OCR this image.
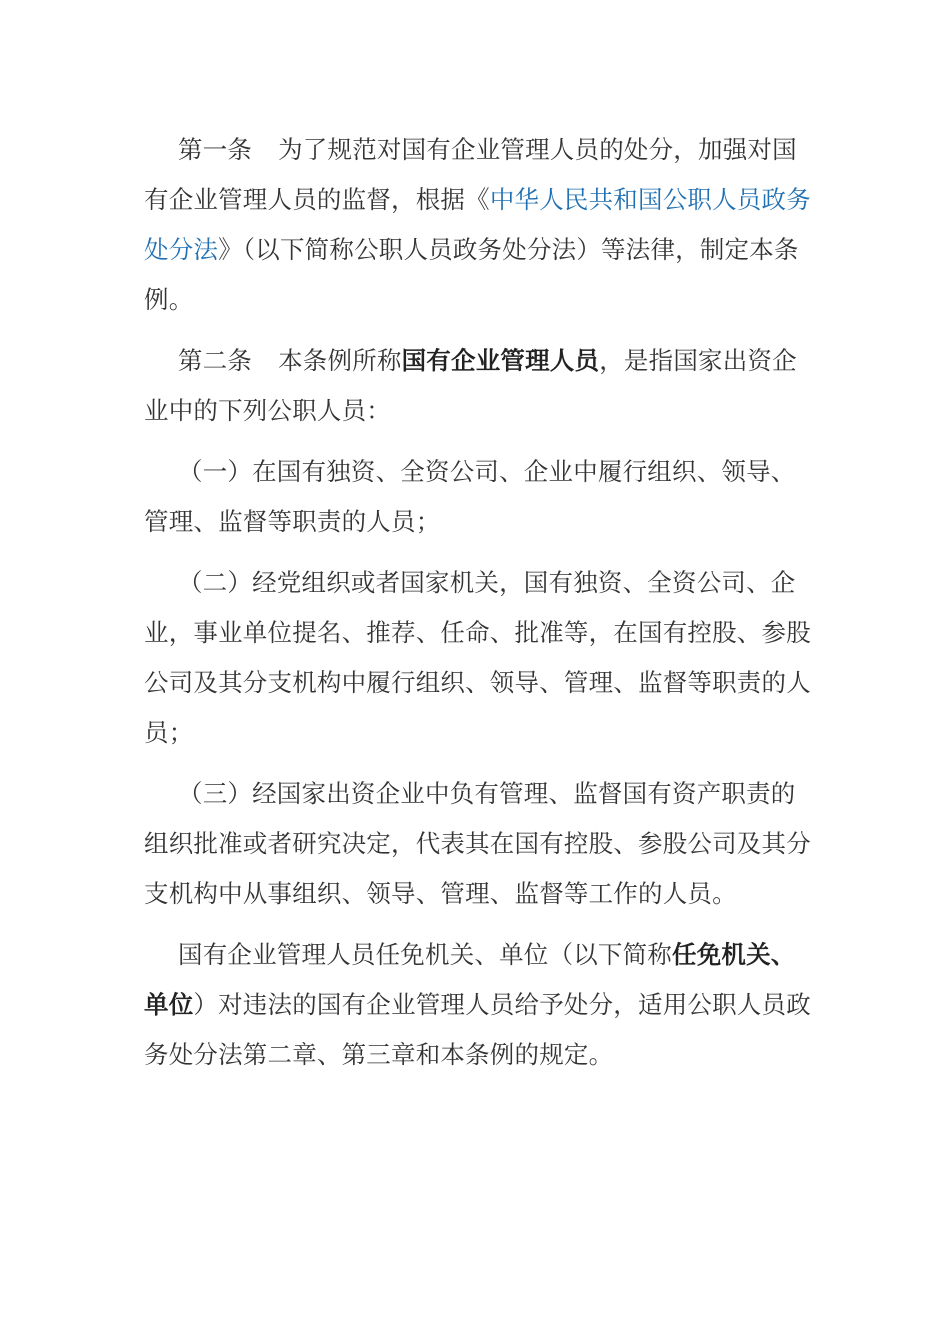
第一条 为了规范对国有企业管理人员的处分，加强对国有企业管理人员的监督，根据《中华人民共和国公职人员政务处分法》（以下简称公职人员政务处分法）等法律，制定本条例。

第二条 本条例所称国有企业管理人员，是指国家出资企业中的下列公职人员：

（一）在国有独资、全资公司、企业中履行组织、领导、管理、监督等职责的人员；

（二）经党组织或者国家机关，国有独资、全资公司、企业，事业单位提名、推荐、任命、批准等，在国有控股、参股公司及其分支机构中履行组织、领导、管理、监督等职责的人员；

（三）经国家出资企业中负有管理、监督国有资产职责的组织批准或者研究决定，代表其在国有控股、参股公司及其分支机构中从事组织、领导、管理、监督等工作的人员。

国有企业管理人员任免机关、单位（以下简称任免机关、单位）对违法的国有企业管理人员给予处分，适用公职人员政务处分法第二章、第三章和本条例的规定。
